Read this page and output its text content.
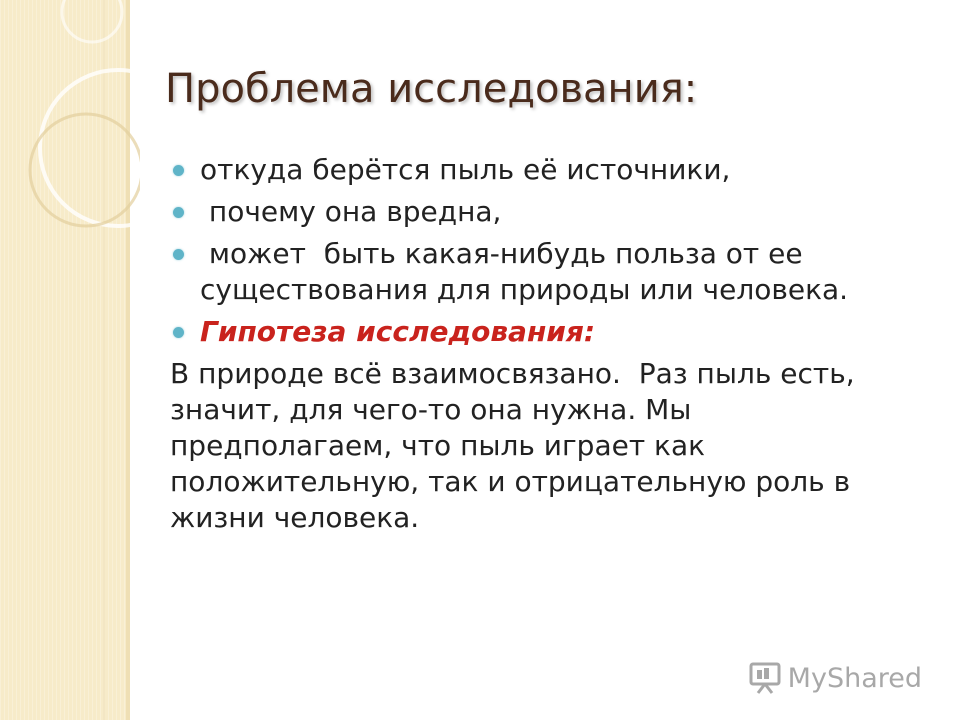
Проблема исследования:
откуда берётся пыль её источники,
почему она вредна,
может  быть какая-нибудь польза от ее существования для природы или человека.
Гипотеза исследования:

В природе всё взаимосвязано.  Раз пыль есть, значит, для чего-то она нужна. Мы предполагаем, что пыль играет как положительную, так и отрицательную роль в жизни человека.

MyShared
